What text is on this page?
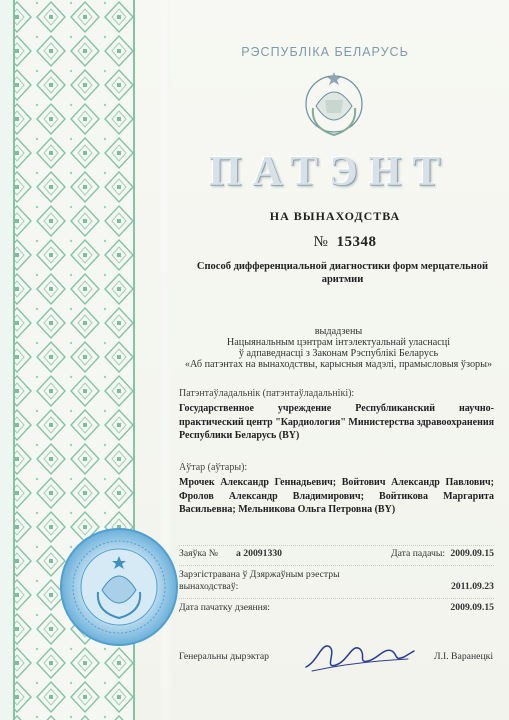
РЭСПУБЛІКА БЕЛАРУСЬ
ПАТЭНТ
НА ВЫНАХОДСТВА
№ 15348
Способ дифференциальной диагностики форм мерцательной аритмии
выдадзены
Нацыянальным цэнтрам інтэлектуальнай уласнасці
ў адпаведнасці з Законам Рэспублікі Беларусь
«Аб патэнтах на вынаходствы, карысныя мадэлі, прамысловыя ўзоры»
Патэнтаўладальнік (патэнтаўладальнікі):
Государственное учреждение Республиканский научно-практический центр "Кардиология" Министерства здравоохранения Республики Беларусь (BY)
Аўтар (аўтары):
Мрочек Александр Геннадьевич; Войтович Александр Павлович; Фролов Александр Владимирович; Войтикова Маргарита Васильевна; Мельникова Ольга Петровна (BY)
Заяўка № a 20091330	Дата падачы: 2009.09.15
Зарэгістравана ў Дзяржаўным рэестры вынаходстваў:	2011.09.23
Дата пачатку дзеяння:	2009.09.15
Генеральны дырэктар	Л.І. Варанецкі
